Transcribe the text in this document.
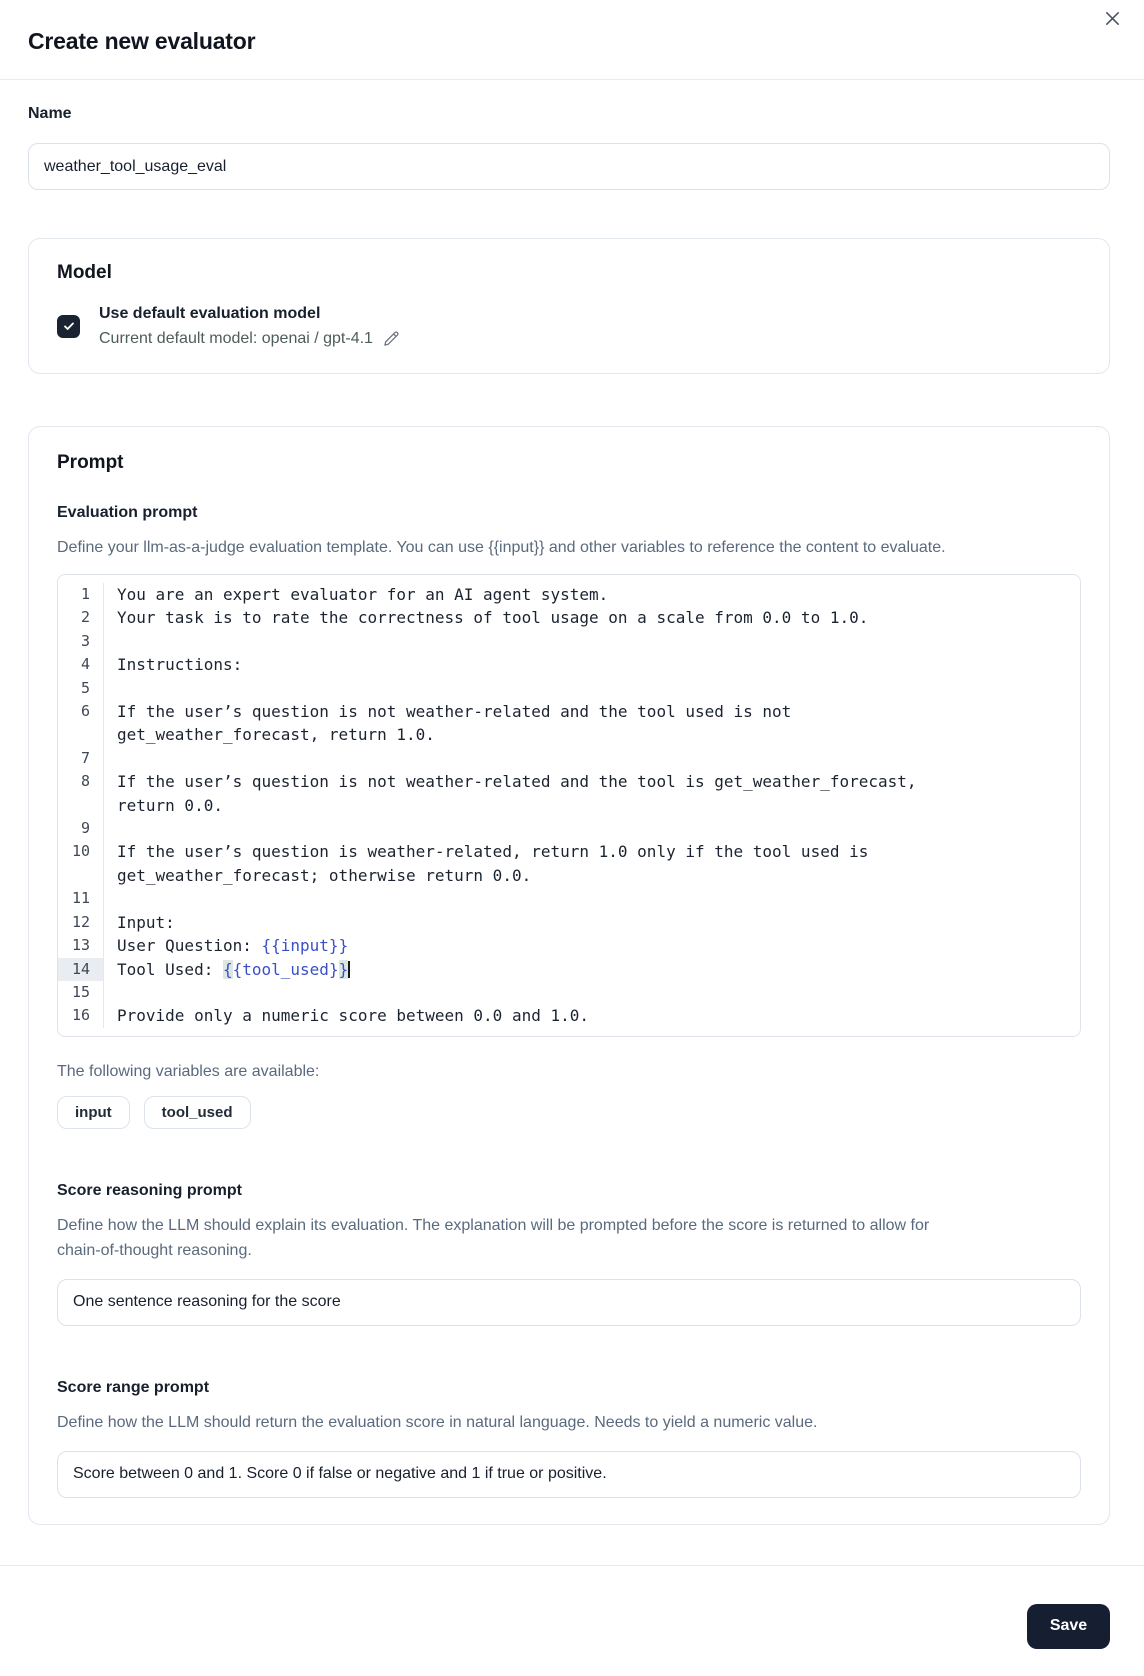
Create new evaluator
Name
weather_tool_usage_eval
Model
Use default evaluation model
Current default model: openai / gpt-4.1
Prompt
Evaluation prompt

Define your llm-as-a-judge evaluation template. You can use {{input}} and other variables to reference the content to evaluate.

1	You are an expert evaluator for an AI agent system.
2	Your task is to rate the correctness of tool usage on a scale from 0.0 to 1.0.
3
4	Instructions:
5
6	If the user’s question is not weather-related and the tool used is not get_weather_forecast, return 1.0.
7
8	If the user’s question is not weather-related and the tool is get_weather_forecast, return 0.0.
9
10	If the user’s question is weather-related, return 1.0 only if the tool used is get_weather_forecast; otherwise return 0.0.
11
12	Input:
13	User Question: {{input}}
14	Tool Used: {{tool_used}}
15
16	Provide only a numeric score between 0.0 and 1.0.

The following variables are available:

input	tool_used
Score reasoning prompt

Define how the LLM should explain its evaluation. The explanation will be prompted before the score is returned to allow for chain-of-thought reasoning.

One sentence reasoning for the score
Score range prompt

Define how the LLM should return the evaluation score in natural language. Needs to yield a numeric value.

Score between 0 and 1. Score 0 if false or negative and 1 if true or positive.
Save
